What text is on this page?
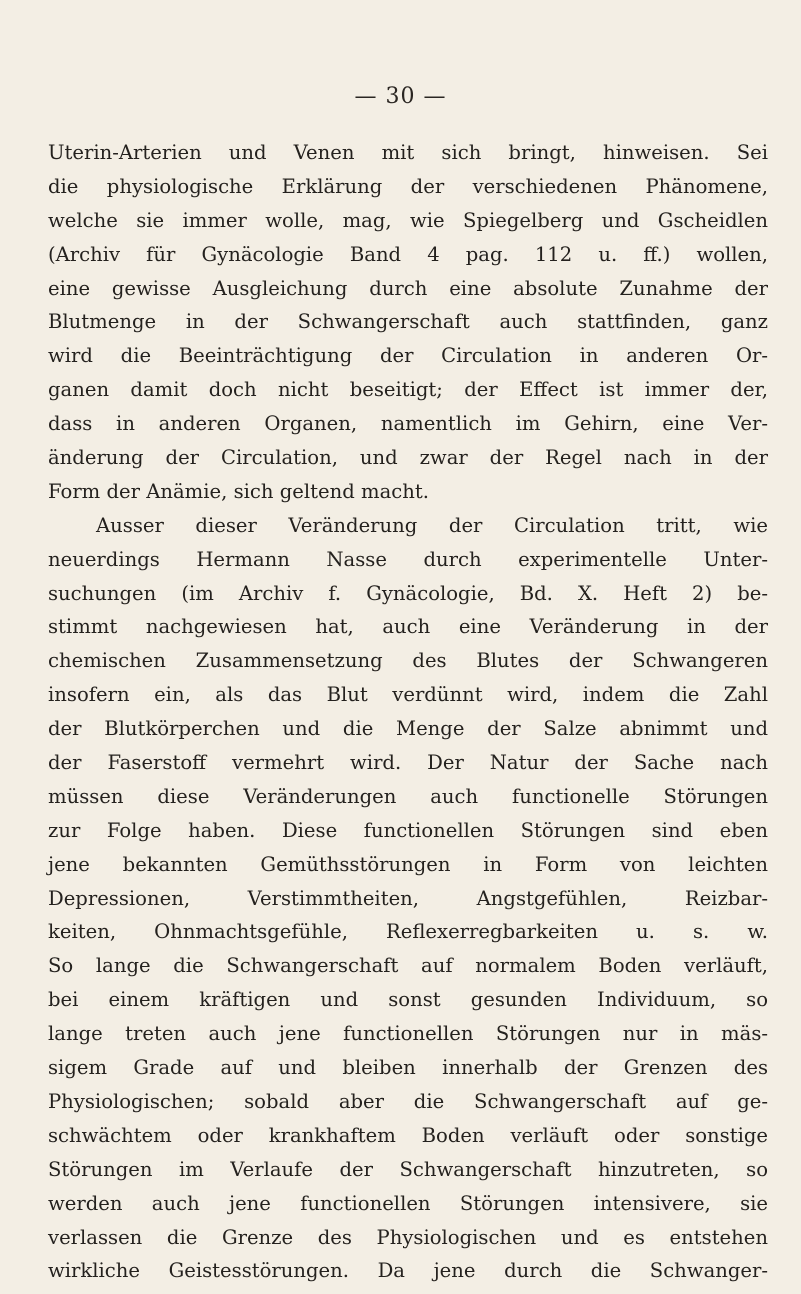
— 30 —
Uterin-Arterien und Venen mit sich bringt, hinweisen. Sei
die physiologische Erklärung der verschiedenen Phänomene,
welche sie immer wolle, mag, wie Spiegelberg und Gscheidlen
(Archiv für Gynäcologie Band 4 pag. 112 u. ff.) wollen,
eine gewisse Ausgleichung durch eine absolute Zunahme der
Blutmenge in der Schwangerschaft auch stattfinden, ganz
wird die Beeinträchtigung der Circulation in anderen Or-
ganen damit doch nicht beseitigt; der Effect ist immer der,
dass in anderen Organen, namentlich im Gehirn, eine Ver-
änderung der Circulation, und zwar der Regel nach in der
Form der Anämie, sich geltend macht.
Ausser dieser Veränderung der Circulation tritt, wie
neuerdings Hermann Nasse durch experimentelle Unter-
suchungen (im Archiv f. Gynäcologie, Bd. X. Heft 2) be-
stimmt nachgewiesen hat, auch eine Veränderung in der
chemischen Zusammensetzung des Blutes der Schwangeren
insofern ein, als das Blut verdünnt wird, indem die Zahl
der Blutkörperchen und die Menge der Salze abnimmt und
der Faserstoff vermehrt wird. Der Natur der Sache nach
müssen diese Veränderungen auch functionelle Störungen
zur Folge haben. Diese functionellen Störungen sind eben
jene bekannten Gemüthsstörungen in Form von leichten
Depressionen, Verstimmtheiten, Angstgefühlen, Reizbar-
keiten, Ohnmachtsgefühle, Reflexerregbarkeiten u. s. w.
So lange die Schwangerschaft auf normalem Boden verläuft,
bei einem kräftigen und sonst gesunden Individuum, so
lange treten auch jene functionellen Störungen nur in mäs-
sigem Grade auf und bleiben innerhalb der Grenzen des
Physiologischen; sobald aber die Schwangerschaft auf ge-
schwächtem oder krankhaftem Boden verläuft oder sonstige
Störungen im Verlaufe der Schwangerschaft hinzutreten, so
werden auch jene functionellen Störungen intensivere, sie
verlassen die Grenze des Physiologischen und es entstehen
wirkliche Geistesstörungen. Da jene durch die Schwanger-
